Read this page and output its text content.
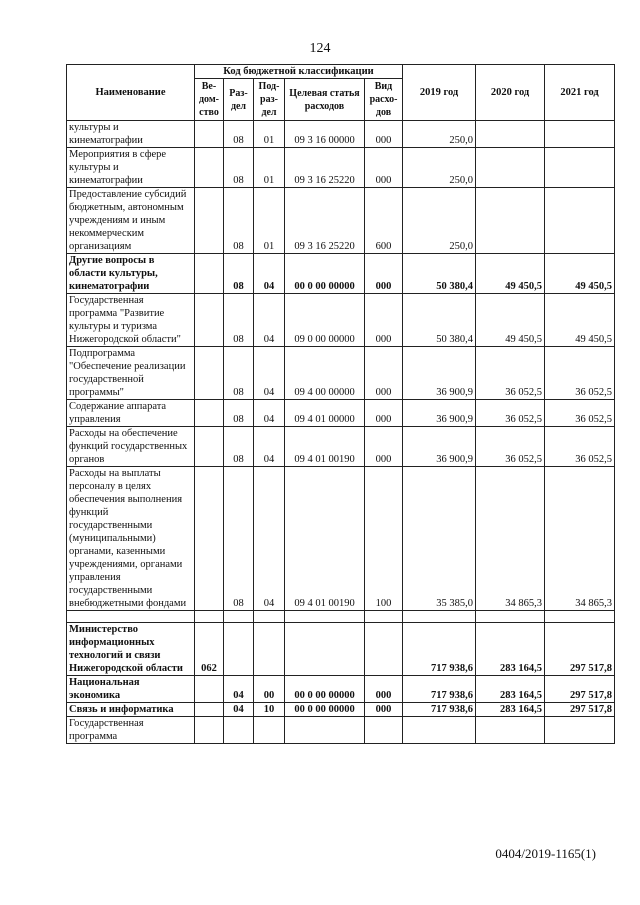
124
Наименование	Код бюджетной классификации					2019 год	2020 год	2021 год
	Ве-дом-ство	Раз-дел	Под-раз-дел	Целевая статья расходов	Вид расхо-дов			
культуры и кинематографии		08	01	09 3 16 00000	000	250,0		
Мероприятия в сфере культуры и кинематографии		08	01	09 3 16 25220	000	250,0		
Предоставление субсидий бюджетным, автономным учреждениям и иным некоммерческим организациям		08	01	09 3 16 25220	600	250,0		
Другие вопросы в области культуры, кинематографии		08	04	00 0 00 00000	000	50 380,4	49 450,5	49 450,5
Государственная программа "Развитие культуры и туризма Нижегородской области"		08	04	09 0 00 00000	000	50 380,4	49 450,5	49 450,5
Подпрограмма "Обеспечение реализации государственной программы"		08	04	09 4 00 00000	000	36 900,9	36 052,5	36 052,5
Содержание аппарата управления		08	04	09 4 01 00000	000	36 900,9	36 052,5	36 052,5
Расходы на обеспечение функций государственных органов		08	04	09 4 01 00190	000	36 900,9	36 052,5	36 052,5
Расходы на выплаты персоналу в целях обеспечения выполнения функций государственными (муниципальными) органами, казенными учреждениями, органами управления государственными внебюджетными фондами		08	04	09 4 01 00190	100	35 385,0	34 865,3	34 865,3

Министерство информационных технологий и связи Нижегородской области	062					717 938,6	283 164,5	297 517,8
Национальная экономика		04	00	00 0 00 00000	000	717 938,6	283 164,5	297 517,8
Связь и информатика		04	10	00 0 00 00000	000	717 938,6	283 164,5	297 517,8
Государственная программа								
0404/2019-1165(1)
